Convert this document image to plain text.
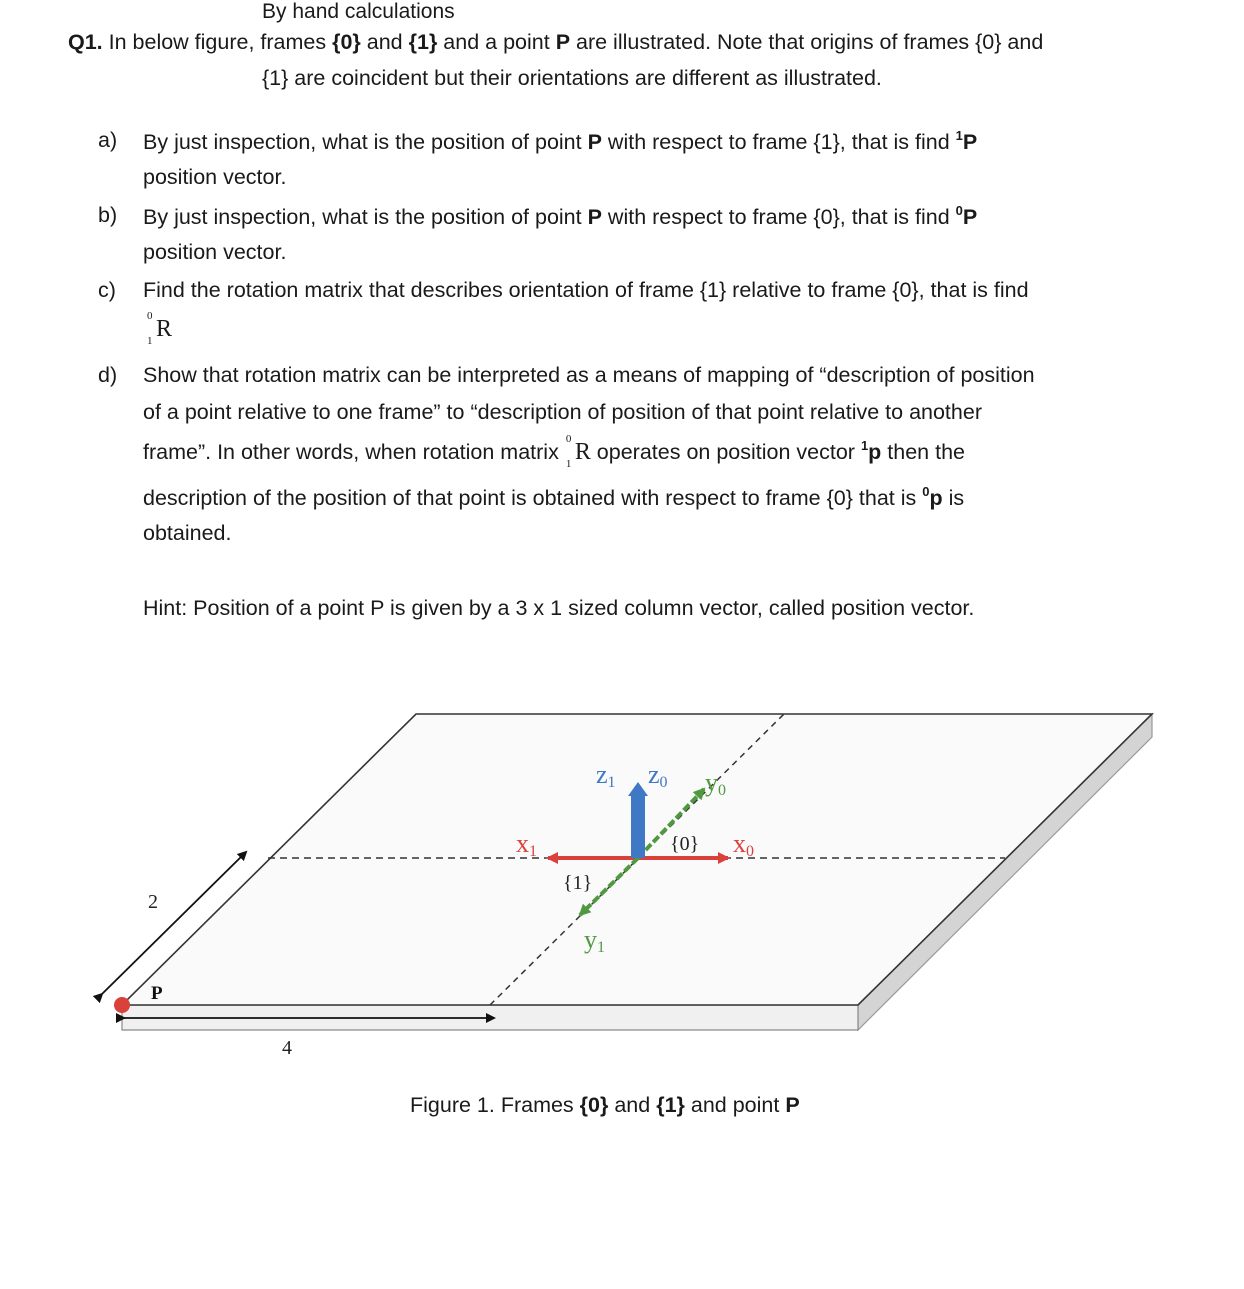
By hand calculations
Q1. In below figure, frames {0} and {1} and a point P are illustrated. Note that origins of frames {0} and
{1} are coincident but their orientations are different as illustrated.
a) By just inspection, what is the position of point P with respect to frame {1}, that is find $^1$P
position vector.
b) By just inspection, what is the position of point P with respect to frame {0}, that is find $^0$P
position vector.
c) Find the rotation matrix that describes orientation of frame {1} relative to frame {0}, that is find
0 R
1
d) Show that rotation matrix can be interpreted as a means of mapping of “description of position
of a point relative to one frame” to “description of position of that point relative to another
frame”. In other words, when rotation matrix
0 R
1 operates on position vector $^1$p then the
description of the position of that point is obtained with respect to frame {0} that is $^0$p is
obtained.
Hint: Position of a point P is given by a 3 x 1 sized column vector, called position vector.
2
4
P
z1 z0 y0
x0
x1
y1
{0}
{1}
Figure 1. Frames {0} and {1} and point P
